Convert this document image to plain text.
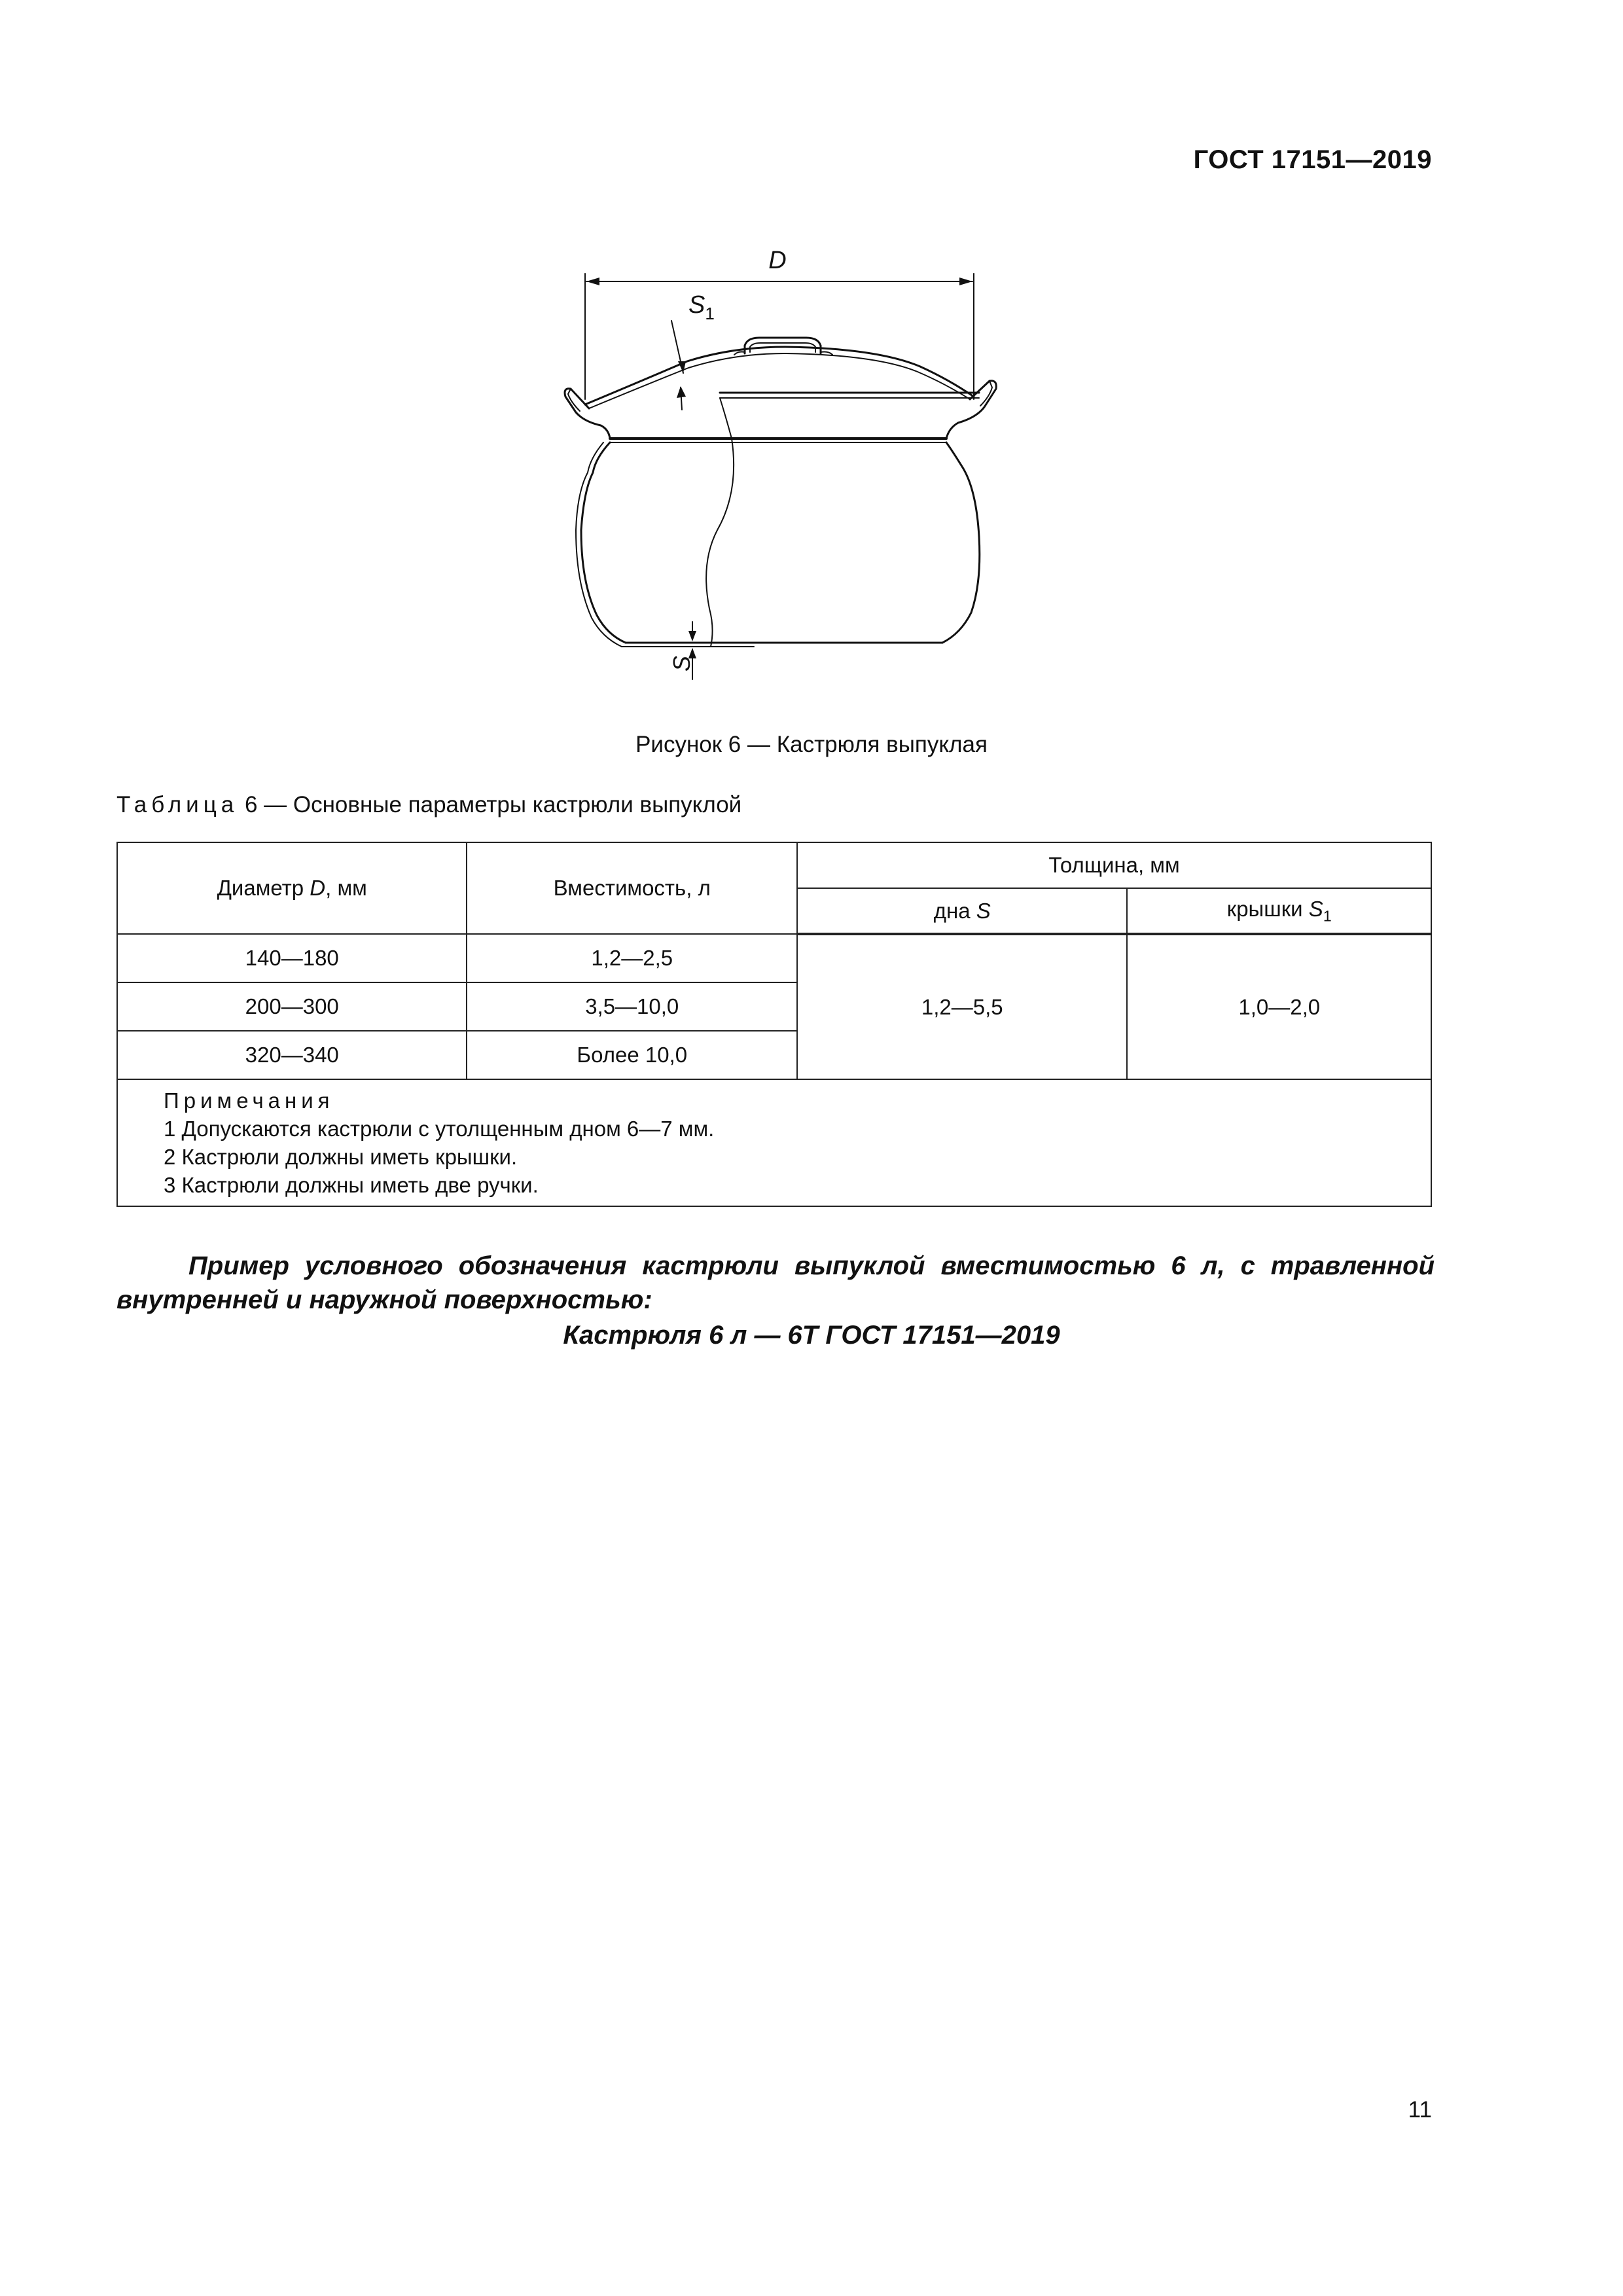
ГОСТ 17151—2019
D
$S_1$
S
Рисунок 6 — Кастрюля выпуклая
Таблица 6 — Основные параметры кастрюли выпуклой
Диаметр D, мм	Вместимость, л	Толщина, мм	
		дна S	крышки $S_1$
140—180	1,2—2,5	1,2—5,5	1,0—2,0
200—300	3,5—10,0		
320—340	Более 10,0		

Примечания
1 Допускаются кастрюли с утолщенным дном 6—7 мм.
2 Кастрюли должны иметь крышки.
3 Кастрюли должны иметь две ручки.			
Пример условного обозначения кастрюли выпуклой вместимостью 6 л, с травленной внутренней и наружной поверхностью:
Кастрюля 6 л — 6Т ГОСТ 17151—2019
11
